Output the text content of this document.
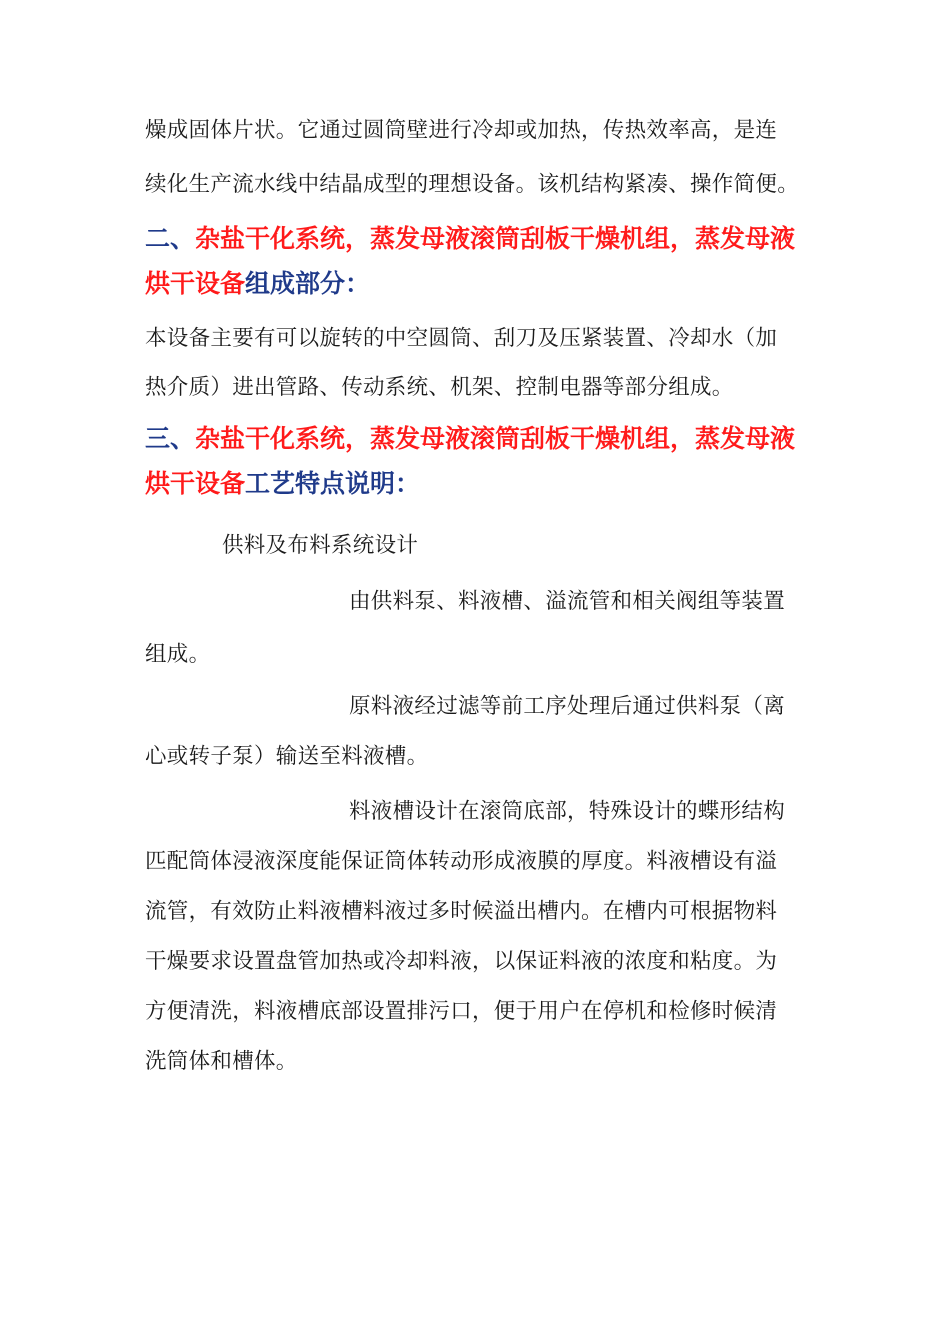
燥成固体片状。它通过圆筒壁进行冷却或加热，传热效率高，是连
续化生产流水线中结晶成型的理想设备。该机结构紧凑、操作简便。
二、杂盐干化系统，蒸发母液滚筒刮板干燥机组，蒸发母液
烘干设备组成部分：
本设备主要有可以旋转的中空圆筒、刮刀及压紧装置、冷却水（加
热介质）进出管路、传动系统、机架、控制电器等部分组成。
三、杂盐干化系统，蒸发母液滚筒刮板干燥机组，蒸发母液
烘干设备工艺特点说明：
供料及布料系统设计
由供料泵、料液槽、溢流管和相关阀组等装置
组成。
原料液经过滤等前工序处理后通过供料泵（离
心或转子泵）输送至料液槽。
料液槽设计在滚筒底部，特殊设计的蝶形结构
匹配筒体浸液深度能保证筒体转动形成液膜的厚度。料液槽设有溢
流管，有效防止料液槽料液过多时候溢出槽内。在槽内可根据物料
干燥要求设置盘管加热或冷却料液，以保证料液的浓度和粘度。为
方便清洗，料液槽底部设置排污口，便于用户在停机和检修时候清
洗筒体和槽体。
